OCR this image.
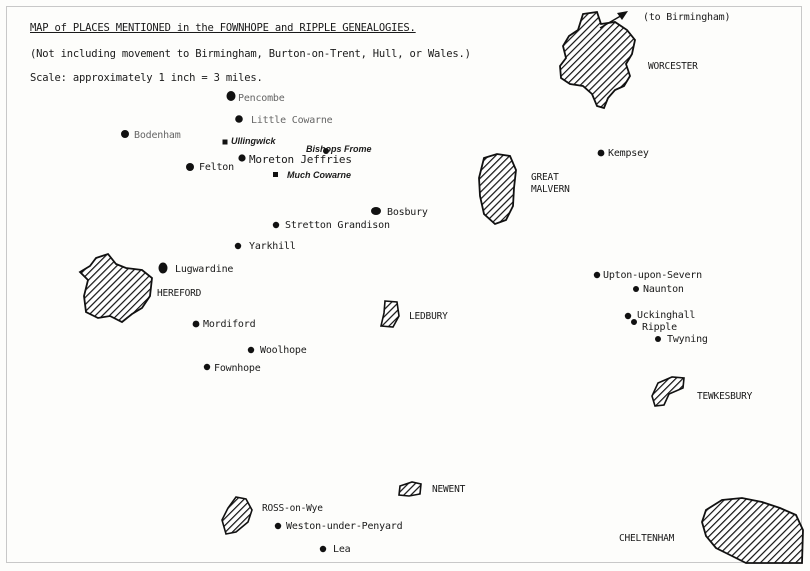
MAP of PLACES MENTIONED in the FOWNHOPE and RIPPLE GENEALOGIES.
(Not including movement to Birmingham, Burton-on-Trent, Hull, or Wales.)
Scale: approximately 1 inch = 3 miles.
WORCESTER
(to Birmingham)
GREAT
MALVERN
HEREFORD
LEDBURY
TEWKESBURY
NEWENT
ROSS-on-Wye
CHELTENHAM
Pencombe
Little Cowarne
Bodenham	Ullingwick
Bishops Frome
Felton
Moreton Jeffries
Much Cowarne
Bosbury
Stretton Grandison
Yarkhill
Lugwardine
Mordiford
Woolhope
Fownhope
Kempsey
Upton-upon-Severn
Naunton
Uckinghall
Ripple
Twyning
Weston-under-Penyard
Lea
